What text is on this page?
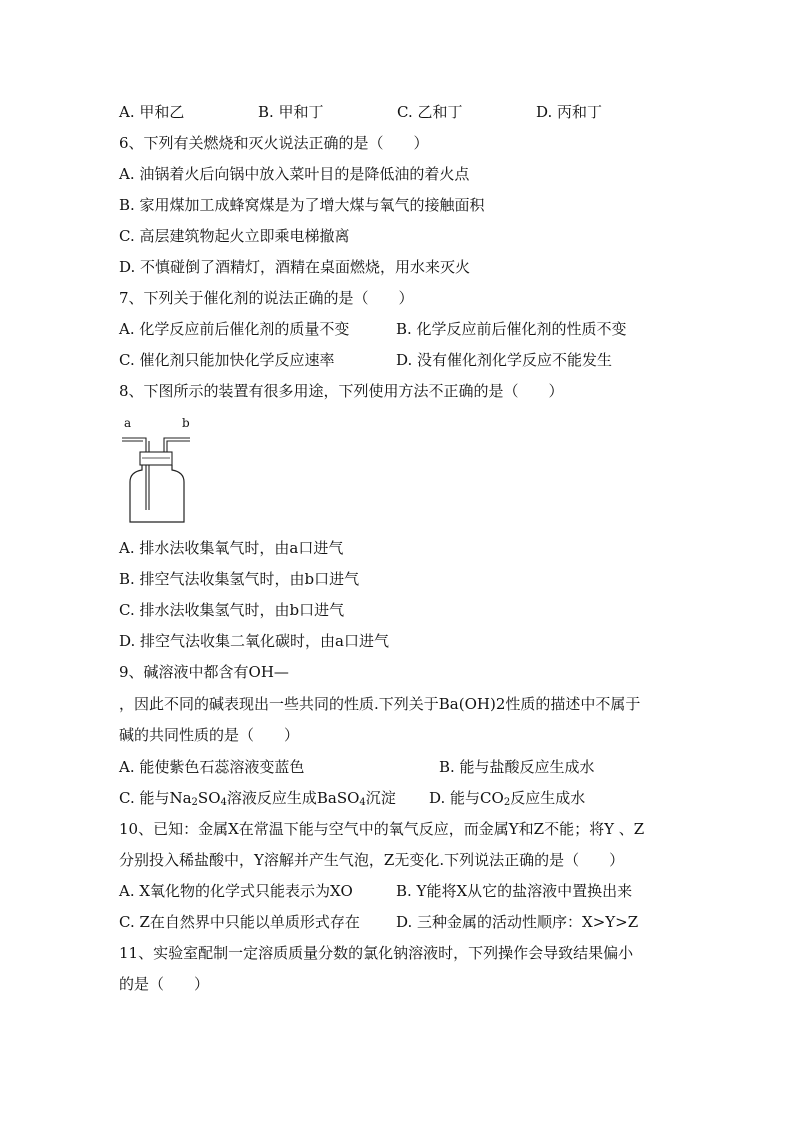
A. 甲和乙	B. 甲和丁	C. 乙和丁	D. 丙和丁
6、下列有关燃烧和灭火说法正确的是（　　）
A. 油锅着火后向锅中放入菜叶目的是降低油的着火点
B. 家用煤加工成蜂窝煤是为了增大煤与氧气的接触面积
C. 高层建筑物起火立即乘电梯撤离
D. 不慎碰倒了酒精灯，酒精在桌面燃烧，用水来灭火
7、下列关于催化剂的说法正确的是（　　）
A. 化学反应前后催化剂的质量不变	B. 化学反应前后催化剂的性质不变
C. 催化剂只能加快化学反应速率	D. 没有催化剂化学反应不能发生
8、下图所示的装置有很多用途，下列使用方法不正确的是（　　）
a	b
A. 排水法收集氧气时，由a口进气
B. 排空气法收集氢气时，由b口进气
C. 排水法收集氢气时，由b口进气
D. 排空气法收集二氧化碳时，由a口进气
9、碱溶液中都含有OH—
，因此不同的碱表现出一些共同的性质.下列关于Ba(OH)2性质的描述中不属于
碱的共同性质的是（　　）
A. 能使紫色石蕊溶液变蓝色	B. 能与盐酸反应生成水
C. 能与$Na_2SO_4$溶液反应生成BaSO$_4$沉淀 D. 能与$CO_2$反应生成水
10、已知：金属X在常温下能与空气中的氧气反应，而金属Y和Z不能；将Y 、Z
分别投入稀盐酸中，Y溶解并产生气泡，Z无变化.下列说法正确的是（　　）
A. X氧化物的化学式只能表示为XO	B. Y能将X从它的盐溶液中置换出来
C. Z在自然界中只能以单质形式存在 D. 三种金属的活动性顺序：X>Y>Z
11、实验室配制一定溶质质量分数的氯化钠溶液时，下列操作会导致结果偏小
的是（　　）
